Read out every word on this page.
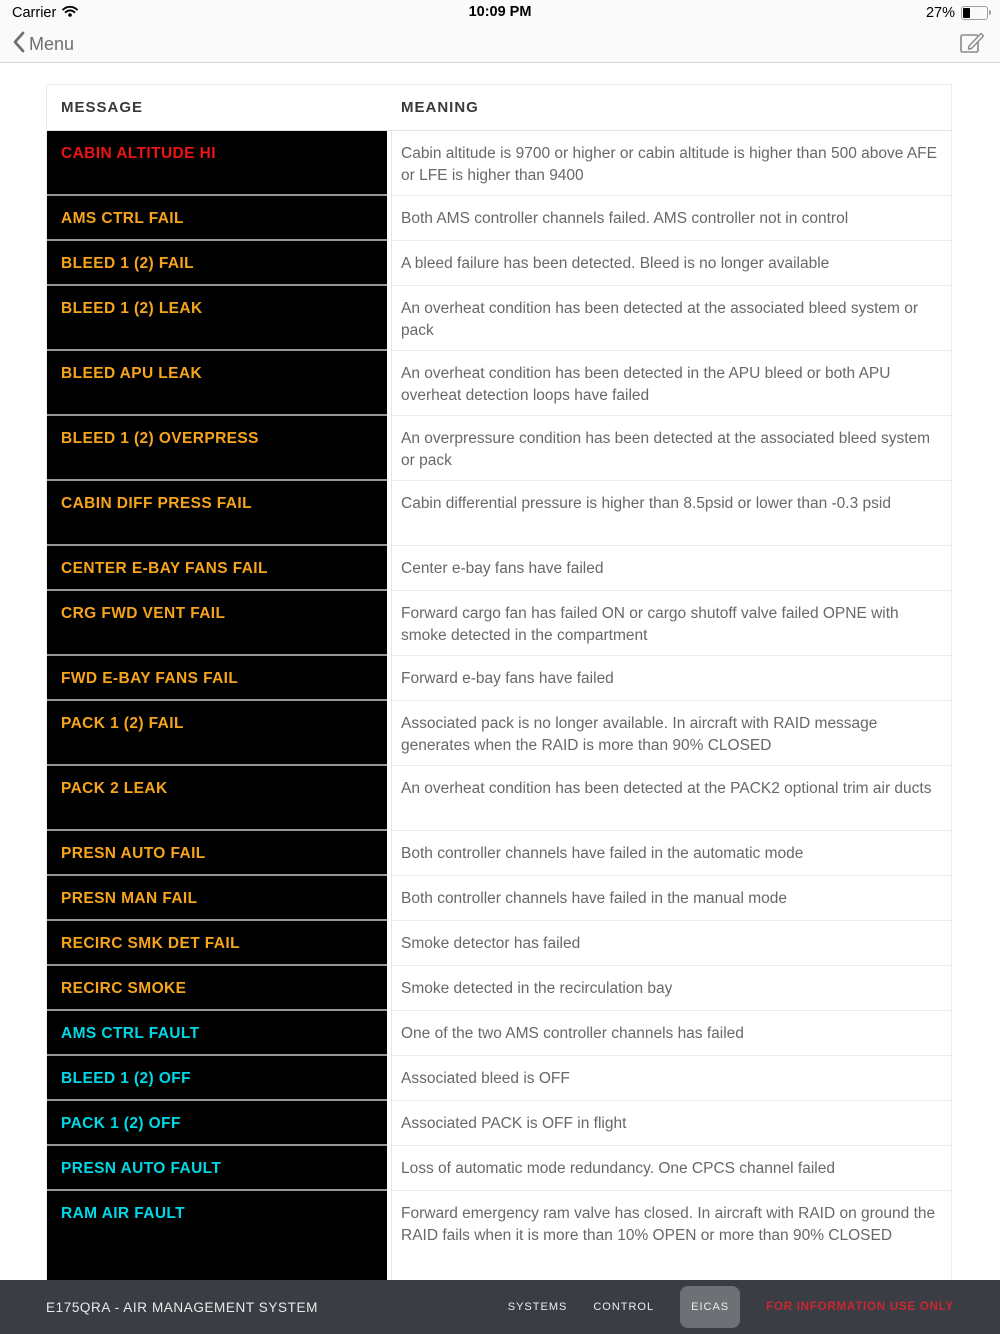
Carrier	10:09 PM	27%
Menu
MESSAGE	MEANING
CABIN ALTITUDE HI	Cabin altitude is 9700 or higher or cabin altitude is higher than 500 above AFE or LFE is higher than 9400
AMS CTRL FAIL	Both AMS controller channels failed. AMS controller not in control
BLEED 1 (2) FAIL	A bleed failure has been detected. Bleed is no longer available
BLEED 1 (2) LEAK	An overheat condition has been detected at the associated bleed system or pack
BLEED APU LEAK	An overheat condition has been detected in the APU bleed or both APU overheat detection loops have failed
BLEED 1 (2) OVERPRESS	An overpressure condition has been detected at the associated bleed system or pack
CABIN DIFF PRESS FAIL	Cabin differential pressure is higher than 8.5psid or lower than -0.3 psid
CENTER E-BAY FANS FAIL	Center e-bay fans have failed
CRG FWD VENT FAIL	Forward cargo fan has failed ON or cargo shutoff valve failed OPNE with smoke detected in the compartment
FWD E-BAY FANS FAIL	Forward e-bay fans have failed
PACK 1 (2) FAIL	Associated pack is no longer available. In aircraft with RAID message generates when the RAID is more than 90% CLOSED
PACK 2 LEAK	An overheat condition has been detected at the PACK2 optional trim air ducts
PRESN AUTO FAIL	Both controller channels have failed in the automatic mode
PRESN MAN FAIL	Both controller channels have failed in the manual mode
RECIRC SMK DET FAIL	Smoke detector has failed
RECIRC SMOKE	Smoke detected in the recirculation bay
AMS CTRL FAULT	One of the two AMS controller channels has failed
BLEED 1 (2) OFF	Associated bleed is OFF
PACK 1 (2) OFF	Associated PACK is OFF in flight
PRESN AUTO FAULT	Loss of automatic mode redundancy. One CPCS channel failed
RAM AIR FAULT	Forward emergency ram valve has closed. In aircraft with RAID on ground the RAID fails when it is more than 10% OPEN or more than 90% CLOSED
E175QRA - AIR MANAGEMENT SYSTEM	SYSTEMS CONTROL	EICAS	FOR INFORMATION USE ONLY
